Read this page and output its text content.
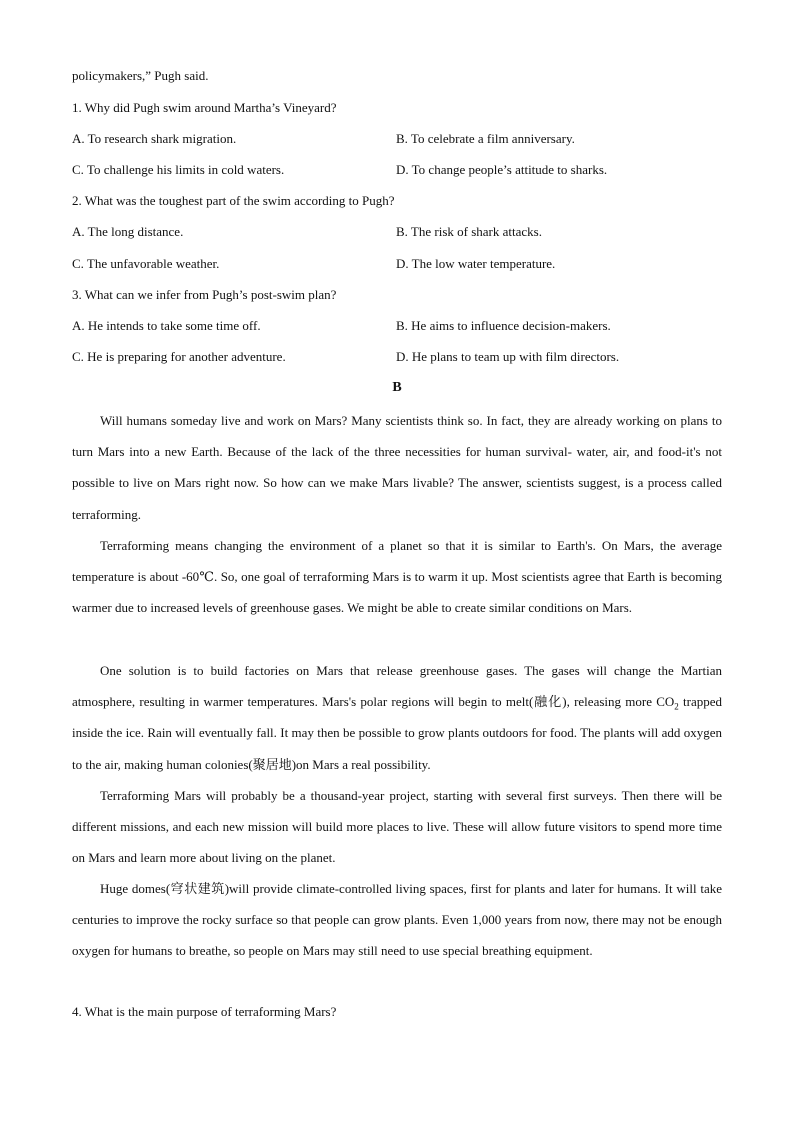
policymakers,” Pugh said.
1. Why did Pugh swim around Martha’s Vineyard?
A. To research shark migration.	B. To celebrate a film anniversary.
C. To challenge his limits in cold waters.	D. To change people’s attitude to sharks.
2. What was the toughest part of the swim according to Pugh?
A. The long distance.	B. The risk of shark attacks.
C. The unfavorable weather.	D. The low water temperature.
3. What can we infer from Pugh’s post-swim plan?
A. He intends to take some time off.	B. He aims to influence decision-makers.
C. He is preparing for another adventure.	D. He plans to team up with film directors.
B

Will humans someday live and work on Mars? Many scientists think so. In fact, they are already working on plans to turn Mars into a new Earth. Because of the lack of the three necessities for human survival- water, air, and food-it's not possible to live on Mars right now. So how can we make Mars livable? The answer, scientists suggest, is a process called terraforming.

Terraforming means changing the environment of a planet so that it is similar to Earth's. On Mars, the average temperature is about -60℃. So, one goal of terraforming Mars is to warm it up. Most scientists agree that Earth is becoming warmer due to increased levels of greenhouse gases. We might be able to create similar conditions on Mars.

One solution is to build factories on Mars that release greenhouse gases. The gases will change the Martian atmosphere, resulting in warmer temperatures. Mars's polar regions will begin to melt(融化), releasing more $CO_2$ trapped inside the ice. Rain will eventually fall. It may then be possible to grow plants outdoors for food. The plants will add oxygen to the air, making human colonies(聚居地)on Mars a real possibility.

Terraforming Mars will probably be a thousand-year project, starting with several first surveys. Then there will be different missions, and each new mission will build more places to live. These will allow future visitors to spend more time on Mars and learn more about living on the planet.

Huge domes(穹状建筑)will provide climate-controlled living spaces, first for plants and later for humans. It will take centuries to improve the rocky surface so that people can grow plants. Even 1,000 years from now, there may not be enough oxygen for humans to breathe, so people on Mars may still need to use special breathing equipment.

4. What is the main purpose of terraforming Mars?
